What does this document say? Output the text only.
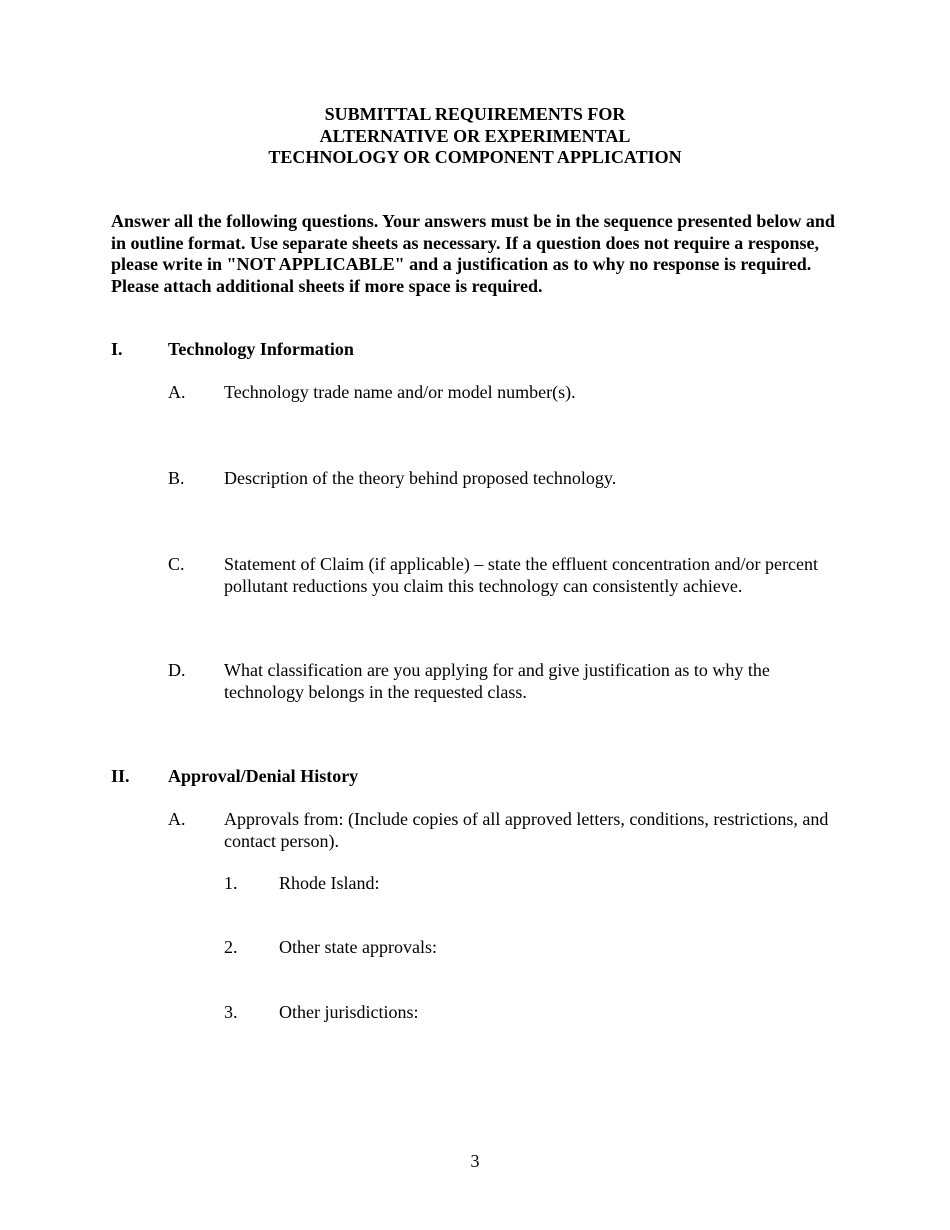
SUBMITTAL REQUIREMENTS FOR
ALTERNATIVE OR EXPERIMENTAL
TECHNOLOGY OR COMPONENT APPLICATION
Answer all the following questions. Your answers must be in the sequence presented below and in outline format. Use separate sheets as necessary. If a question does not require a response, please write in "NOT APPLICABLE" and a justification as to why no response is required. Please attach additional sheets if more space is required.
I.	Technology Information
A. Technology trade name and/or model number(s).
B. Description of the theory behind proposed technology.
C. Statement of Claim (if applicable) – state the effluent concentration and/or percent pollutant reductions you claim this technology can consistently achieve.
D. What classification are you applying for and give justification as to why the technology belongs in the requested class.
II. Approval/Denial History
A. Approvals from: (Include copies of all approved letters, conditions, restrictions, and contact person).
1. Rhode Island:
2. Other state approvals:
3. Other jurisdictions:
3
